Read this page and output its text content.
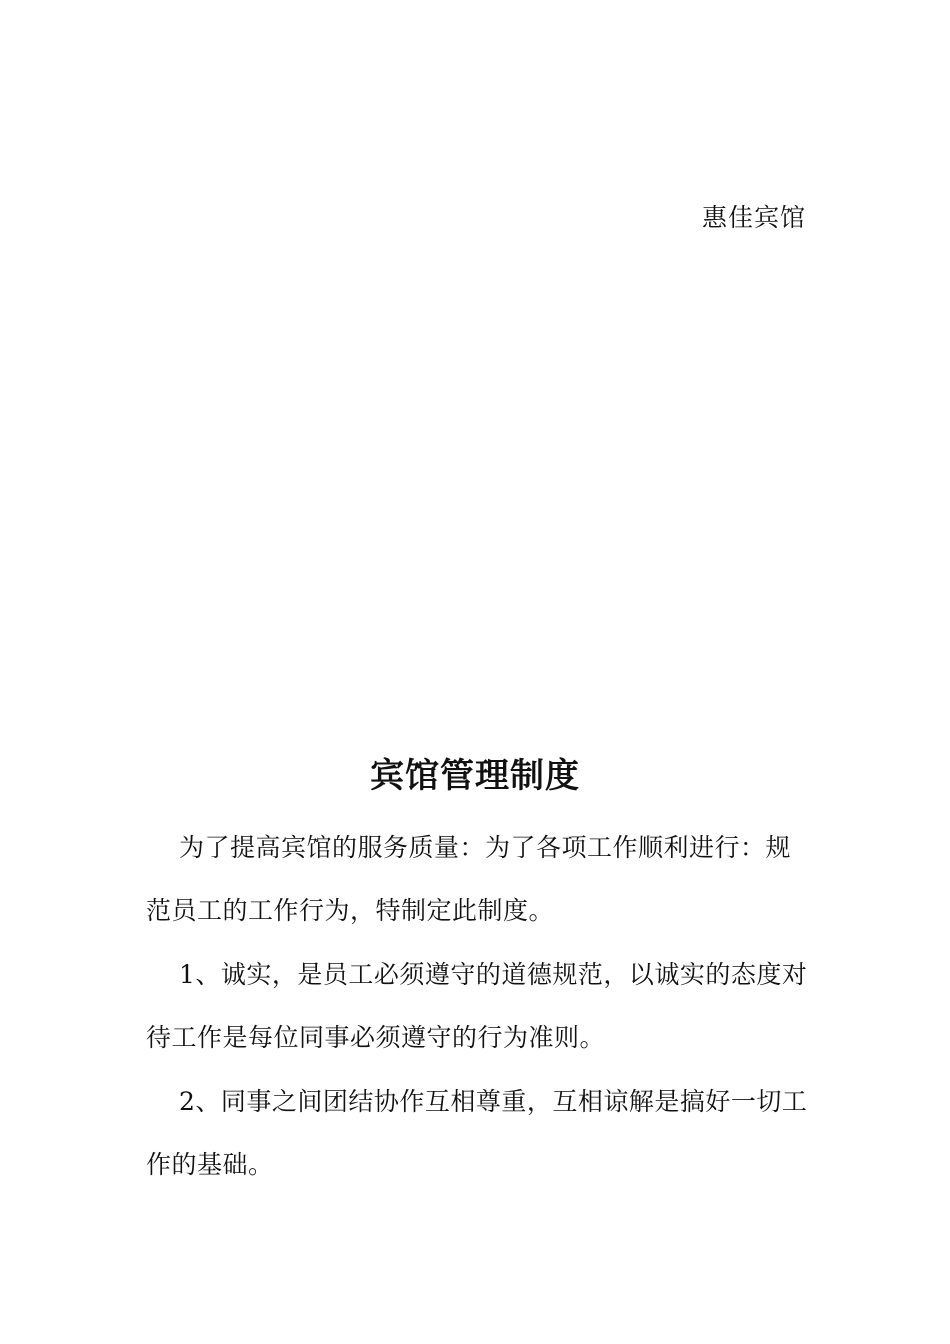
惠佳宾馆
宾馆管理制度

为了提高宾馆的服务质量：为了各项工作顺利进行：规范员工的工作行为，特制定此制度。

1、诚实，是员工必须遵守的道德规范，以诚实的态度对待工作是每位同事必须遵守的行为准则。

2、同事之间团结协作互相尊重，互相谅解是搞好一切工作的基础。
